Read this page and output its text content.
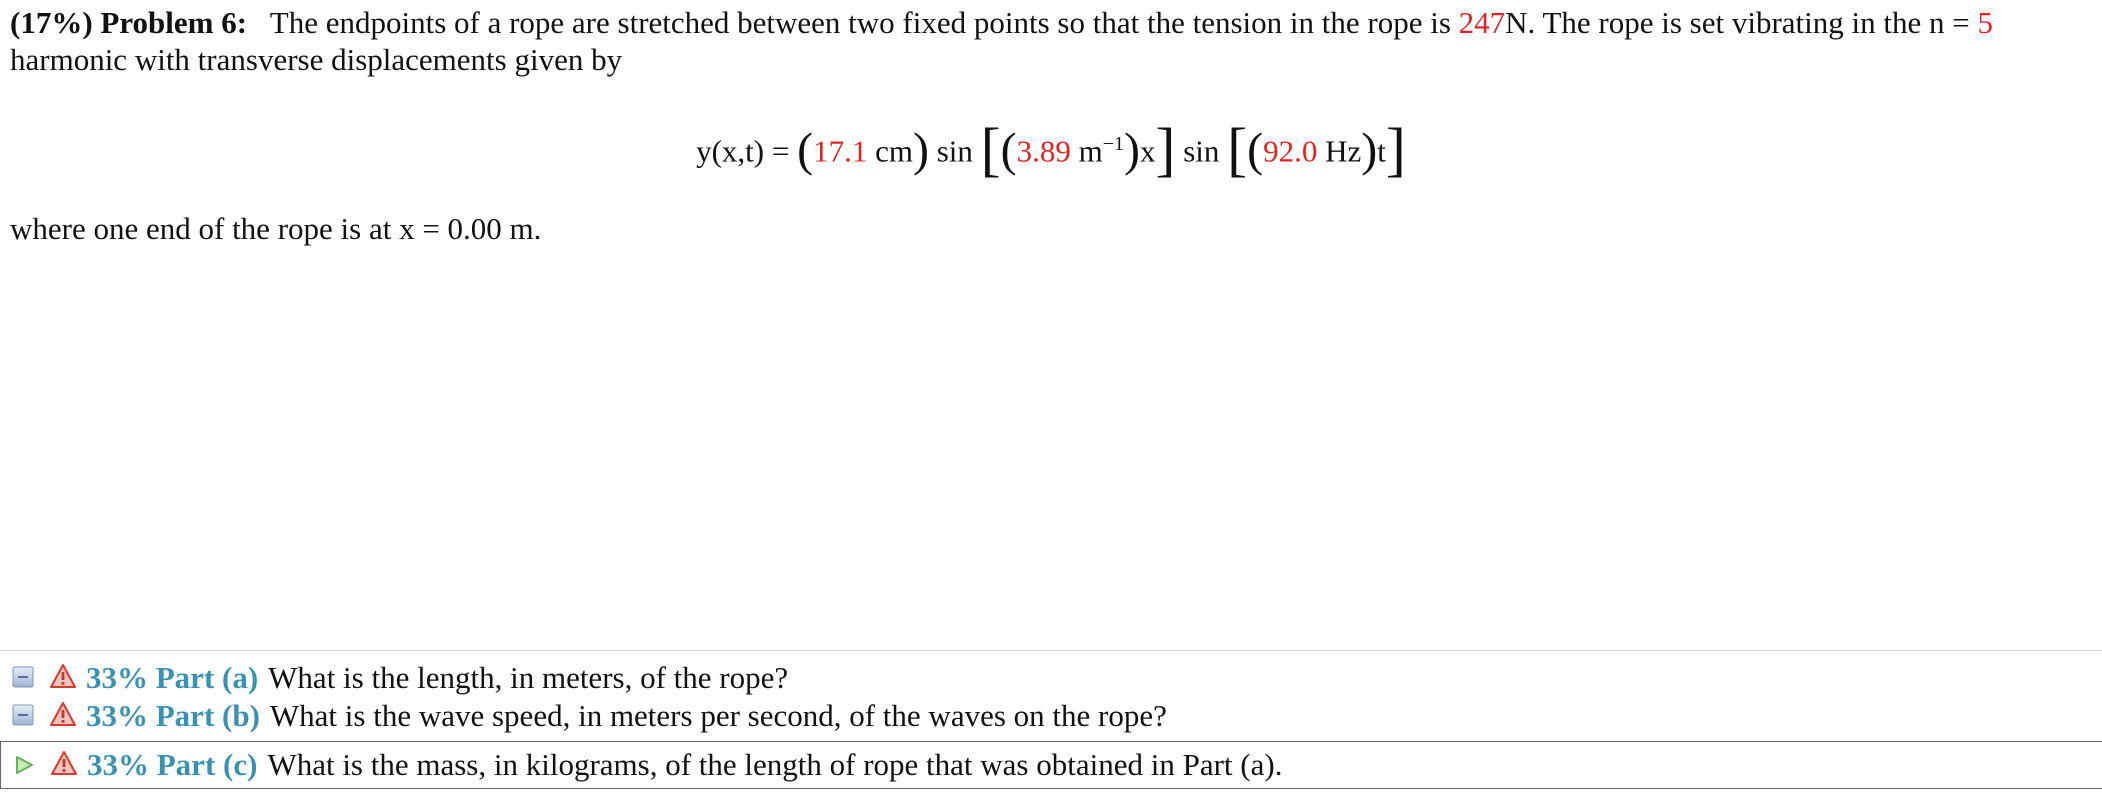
(17%) Problem 6: The endpoints of a rope are stretched between two fixed points so that the tension in the rope is 247N. The rope is set vibrating in the n = 5
harmonic with transverse displacements given by
y(x,t) = (17.1 cm) sin [(3.89 $m^{-1})x$] sin [(92.0 Hz)t]
where one end of the rope is at x = 0.00 m.
33% Part (a) What is the length, in meters, of the rope?
33% Part (b) What is the wave speed, in meters per second, of the waves on the rope?
33% Part (c) What is the mass, in kilograms, of the length of rope that was obtained in Part (a).
